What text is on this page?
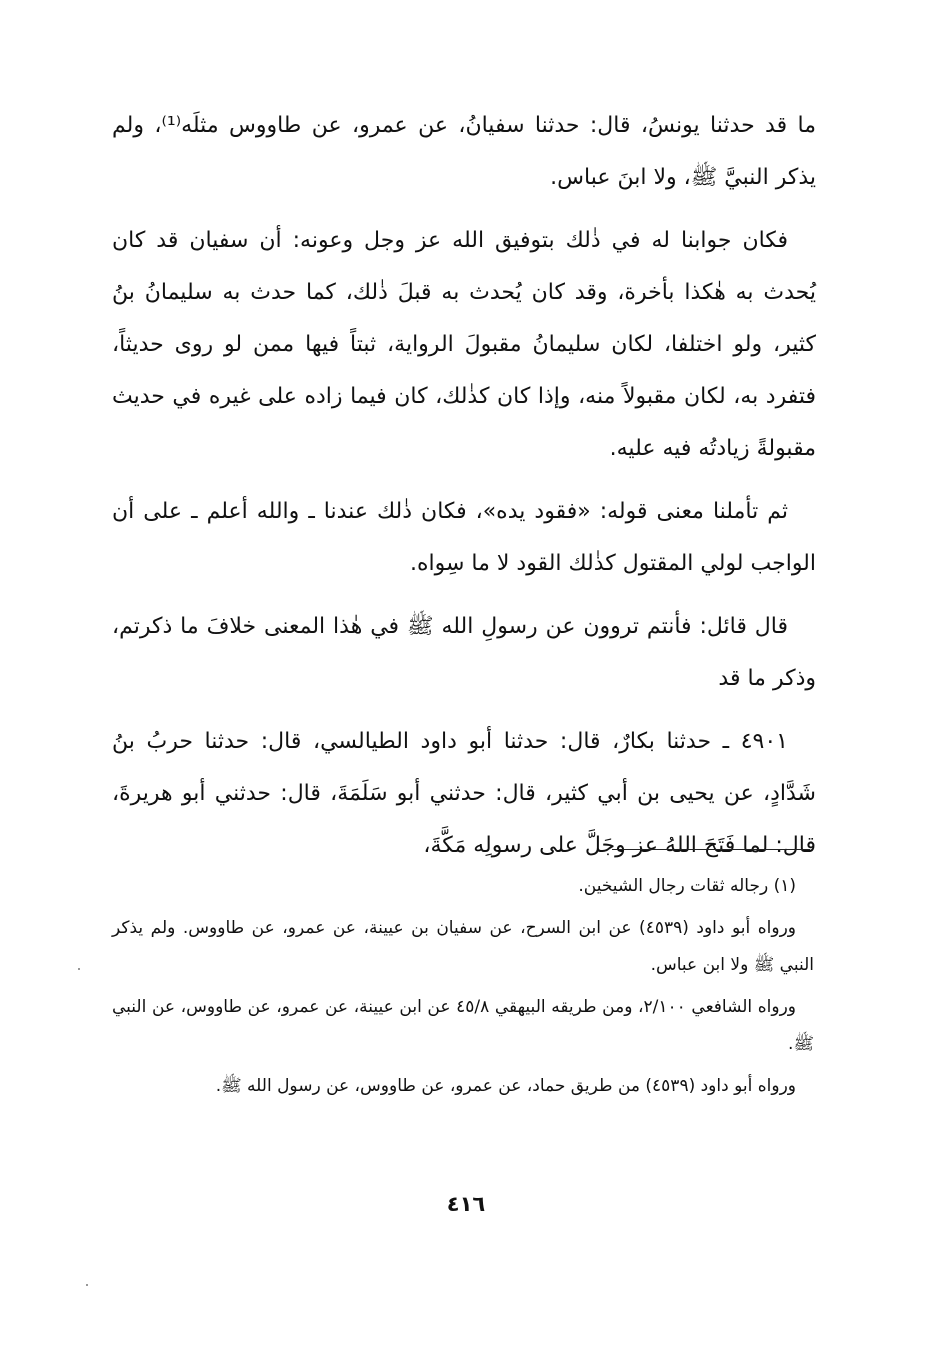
ما قد حدثنا يونسُ، قال: حدثنا سفيانُ، عن عمرو، عن طاووس مثلَه⁽¹⁾، ولم يذكر النبيَّ ﷺ، ولا ابنَ عباس.

فكان جوابنا له في ذٰلك بتوفيق الله عز وجل وعونه: أن سفيان قد كان يُحدث به هٰكذا بأخرة، وقد كان يُحدث به قبلَ ذٰلك، كما حدث به سليمانُ بنُ كثير، ولو اختلفا، لكان سليمانُ مقبولَ الرواية، ثبتاً فيها ممن لو روى حديثاً، فتفرد به، لكان مقبولاً منه، وإذا كان كذٰلك، كان فيما زاده على غيره في حديث مقبولةً زيادتُه فيه عليه.

ثم تأملنا معنى قوله: «فقود يده»، فكان ذٰلك عندنا ـ والله أعلم ـ على أن الواجب لولي المقتول كذٰلك القود لا ما سِواه.

قال قائل: فأنتم تروون عن رسولِ الله ﷺ في هٰذا المعنى خلافَ ما ذكرتم، وذكر ما قد

٤٩٠١ ـ حدثنا بكارٌ، قال: حدثنا أبو داود الطيالسي، قال: حدثنا حربُ بنُ شَدَّادٍ، عن يحيى بن أبي كثير، قال: حدثني أبو سَلَمَةَ، قال: حدثني أبو هريرةَ، قال: لما فَتَحَ اللهُ عز وجَلَّ على رسولِه مَكَّةَ،

(١) رجاله ثقات رجال الشيخين.

ورواه أبو داود (٤٥٣٩) عن ابن السرح، عن سفيان بن عيينة، عن عمرو، عن طاووس. ولم يذكر النبي ﷺ ولا ابن عباس.

ورواه الشافعي ٢/١٠٠، ومن طريقه البيهقي ٤٥/٨ عن ابن عيينة، عن عمرو، عن طاووس، عن النبي ﷺ.

ورواه أبو داود (٤٥٣٩) من طريق حماد، عن عمرو، عن طاووس، عن رسول الله ﷺ.

٤١٦
